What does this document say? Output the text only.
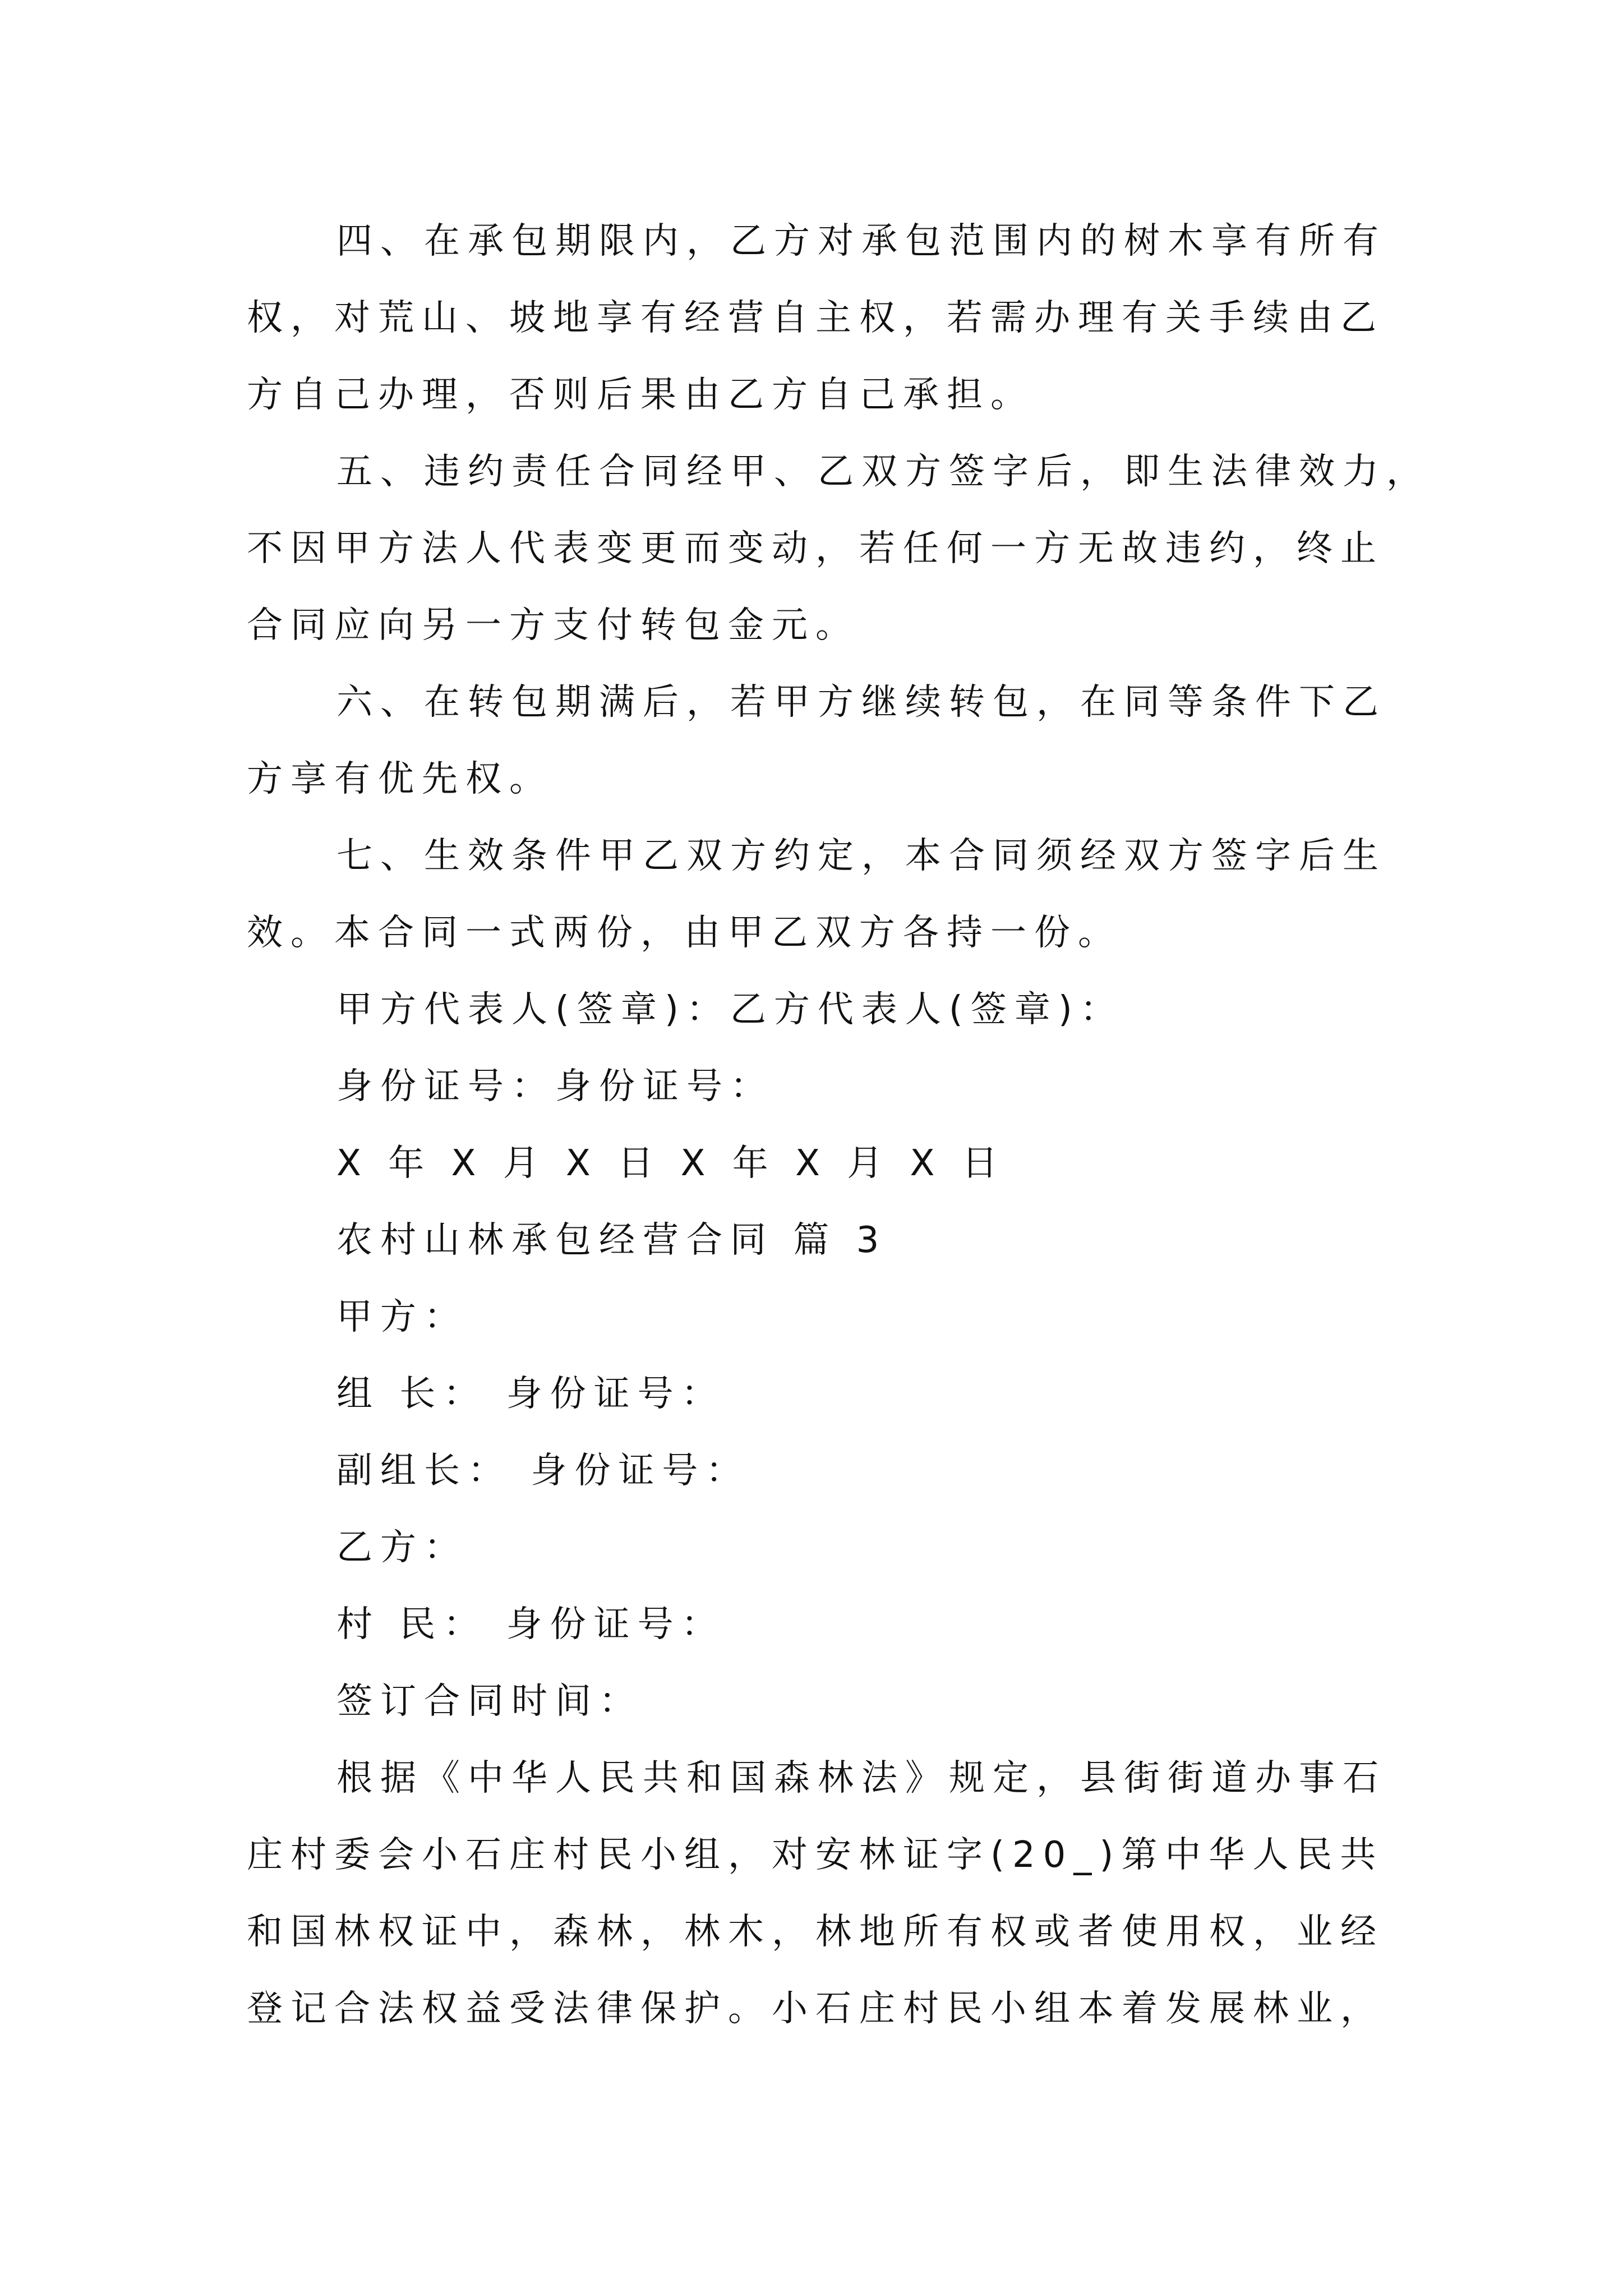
四、在承包期限内，乙方对承包范围内的树木享有所有
权，对荒山、坡地享有经营自主权，若需办理有关手续由乙
方自己办理，否则后果由乙方自己承担。
五、违约责任合同经甲、乙双方签字后，即生法律效力，
不因甲方法人代表变更而变动，若任何一方无故违约，终止
合同应向另一方支付转包金元。
六、在转包期满后，若甲方继续转包，在同等条件下乙
方享有优先权。
七、生效条件甲乙双方约定，本合同须经双方签字后生
效。本合同一式两份，由甲乙双方各持一份。
甲方代表人(签章)：乙方代表人(签章)：
身份证号：身份证号：
X 年 X 月 X 日 X 年 X 月 X 日
农村山林承包经营合同 篇 3
甲方：
组 长： 身份证号：
副组长： 身份证号：
乙方：
村 民： 身份证号：
签订合同时间：
根据《中华人民共和国森林法》规定，县街街道办事石
庄村委会小石庄村民小组，对安林证字(20_)第中华人民共
和国林权证中，森林，林木，林地所有权或者使用权，业经
登记合法权益受法律保护。小石庄村民小组本着发展林业，
